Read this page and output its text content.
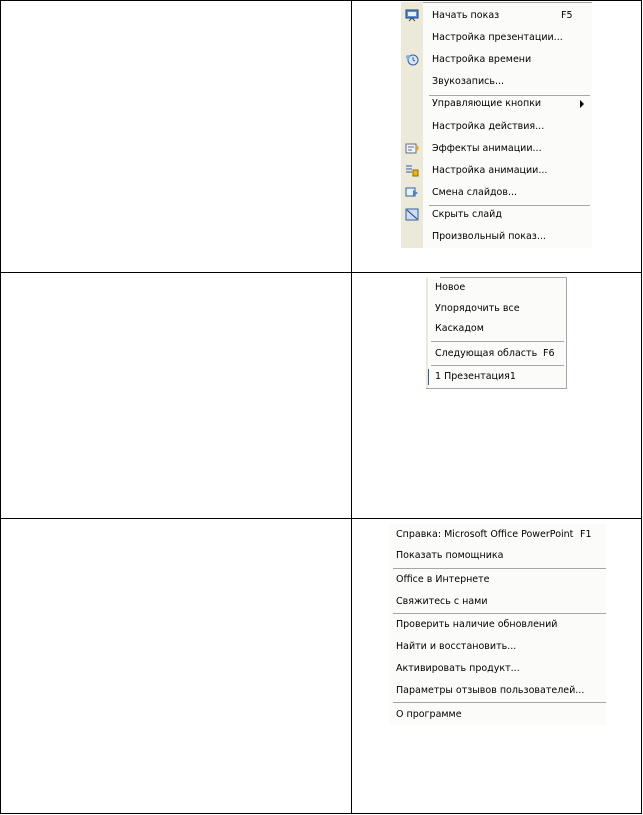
Начать показ	F5
Настройка презентации...
Настройка времени
Звукозапись...
Управляющие кнопки
Настройка действия...
Эффекты анимации...
Настройка анимации...
Смена слайдов...
Скрыть слайд
Произвольный показ...
Новое
Упорядочить все
Каскадом
Следующая область F6
1 Презентация1
Справка: Microsoft Office PowerPoint F1
Показать помощника
Office в Интернете
Свяжитесь с нами
Проверить наличие обновлений
Найти и восстановить...
Активировать продукт...
Параметры отзывов пользователей...
О программе
